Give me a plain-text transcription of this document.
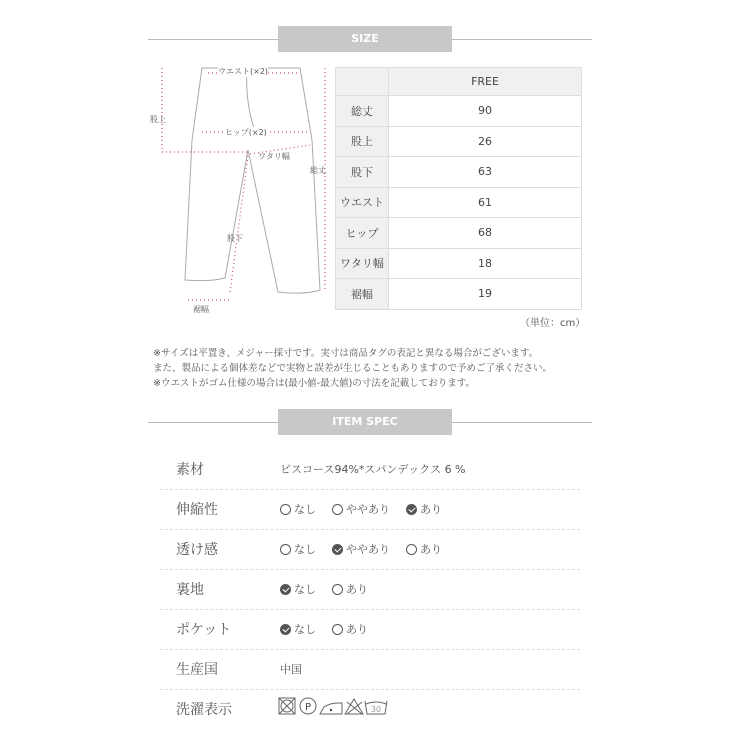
SIZE
ウエスト(×2)
股上
ヒップ(×2)
ワタリ幅
総丈
股下
裾幅
	FREE
総丈	90
股上	26
股下	63
ウエスト	61
ヒップ	68
ワタリ幅	18
裾幅	19
（単位：cm）
※サイズは平置き、メジャー採寸です。実寸は商品タグの表記と異なる場合がございます。
また、製品による個体差などで実物と誤差が生じることもありますので予めご了承ください。
※ウエストがゴム仕様の場合は(最小値-最大値)の寸法を記載しております。
ITEM SPEC
素材	ビスコース94%*スパンデックス 6 %
伸縮性	なし	ややあり	あり
透け感	なし	ややあり	あり
裏地	なし	あり
ポケット	なし	あり
生産国	中国
洗濯表示	P	30
